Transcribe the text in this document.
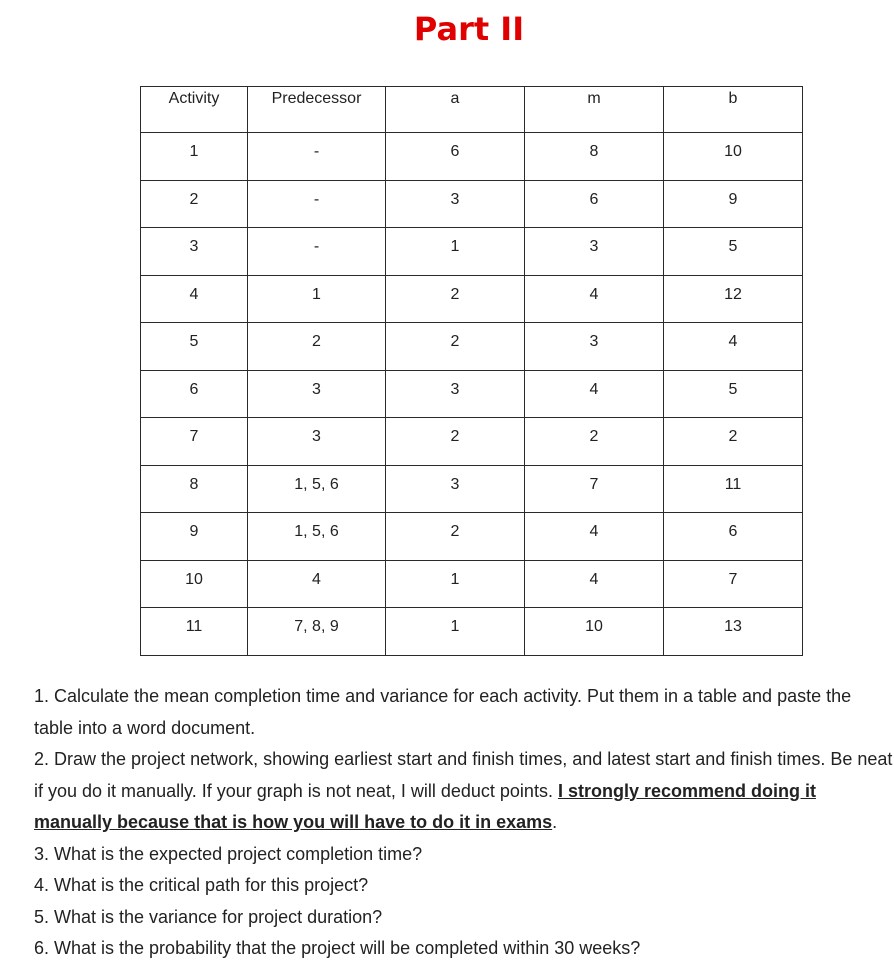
Part II
Activity	Predecessor	a	m	b
1	-	6	8	10
2	-	3	6	9
3	-	1	3	5
4	1	2	4	12
5	2	2	3	4
6	3	3	4	5
7	3	2	2	2
8	1, 5, 6	3	7	11
9	1, 5, 6	2	4	6
10	4	1	4	7
11	7, 8, 9	1	10	13

1. Calculate the mean completion time and variance for each activity. Put them in a table and paste the table into a word document.

2. Draw the project network, showing earliest start and finish times, and latest start and finish times. Be neat if you do it manually. If your graph is not neat, I will deduct points. I strongly recommend doing it manually because that is how you will have to do it in exams.

3. What is the expected project completion time?

4. What is the critical path for this project?

5. What is the variance for project duration?

6. What is the probability that the project will be completed within 30 weeks?
